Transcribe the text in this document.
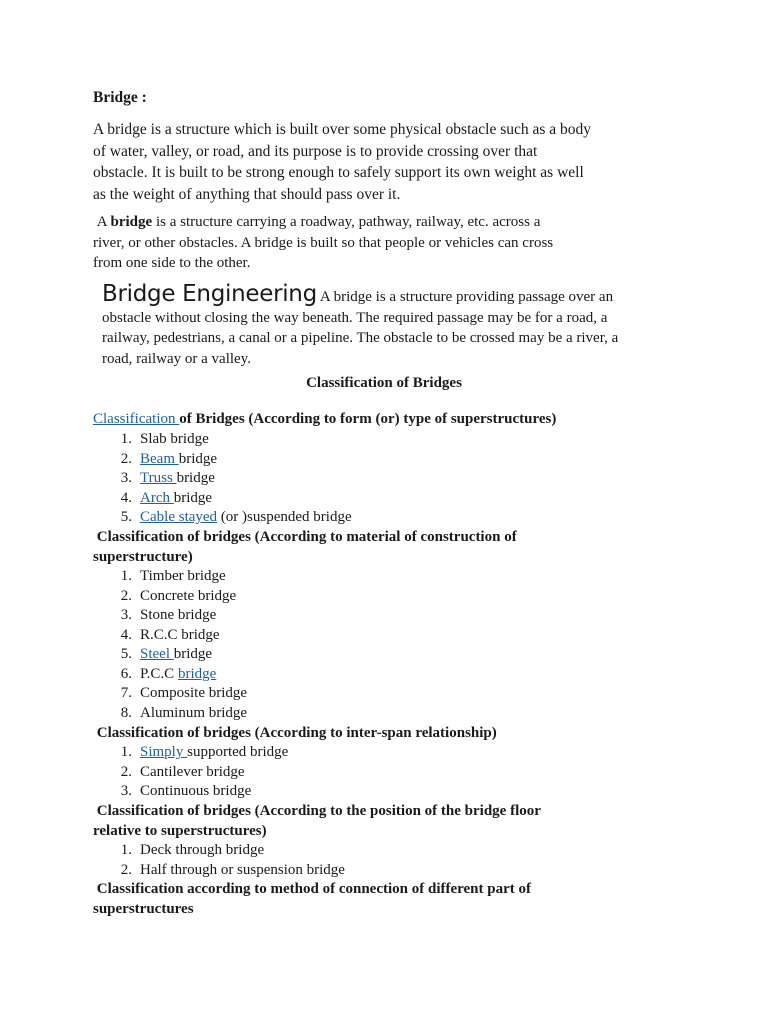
Bridge :
A bridge is a structure which is built over some physical obstacle such as a body
of water, valley, or road, and its purpose is to provide crossing over that
obstacle. It is built to be strong enough to safely support its own weight as well
as the weight of anything that should pass over it.
A bridge is a structure carrying a roadway, pathway, railway, etc. across a
river, or other obstacles. A bridge is built so that people or vehicles can cross
from one side to the other.
Bridge Engineering A bridge is a structure providing passage over an
obstacle without closing the way beneath. The required passage may be for a road, a
railway, pedestrians, a canal or a pipeline. The obstacle to be crossed may be a river, a
road, railway or a valley.
Classification of Bridges
Classification of Bridges (According to form (or) type of superstructures)
1. Slab bridge
2. Beam bridge
3. Truss bridge
4. Arch bridge
5. Cable stayed (or )suspended bridge
Classification of bridges (According to material of construction of
superstructure)
1. Timber bridge
2. Concrete bridge
3. Stone bridge
4. R.C.C bridge
5. Steel bridge
6. P.C.C bridge
7. Composite bridge
8. Aluminum bridge
Classification of bridges (According to inter-span relationship)
1. Simply supported bridge
2. Cantilever bridge
3. Continuous bridge
Classification of bridges (According to the position of the bridge floor
relative to superstructures)
1. Deck through bridge
2. Half through or suspension bridge
Classification according to method of connection of different part of
superstructures
